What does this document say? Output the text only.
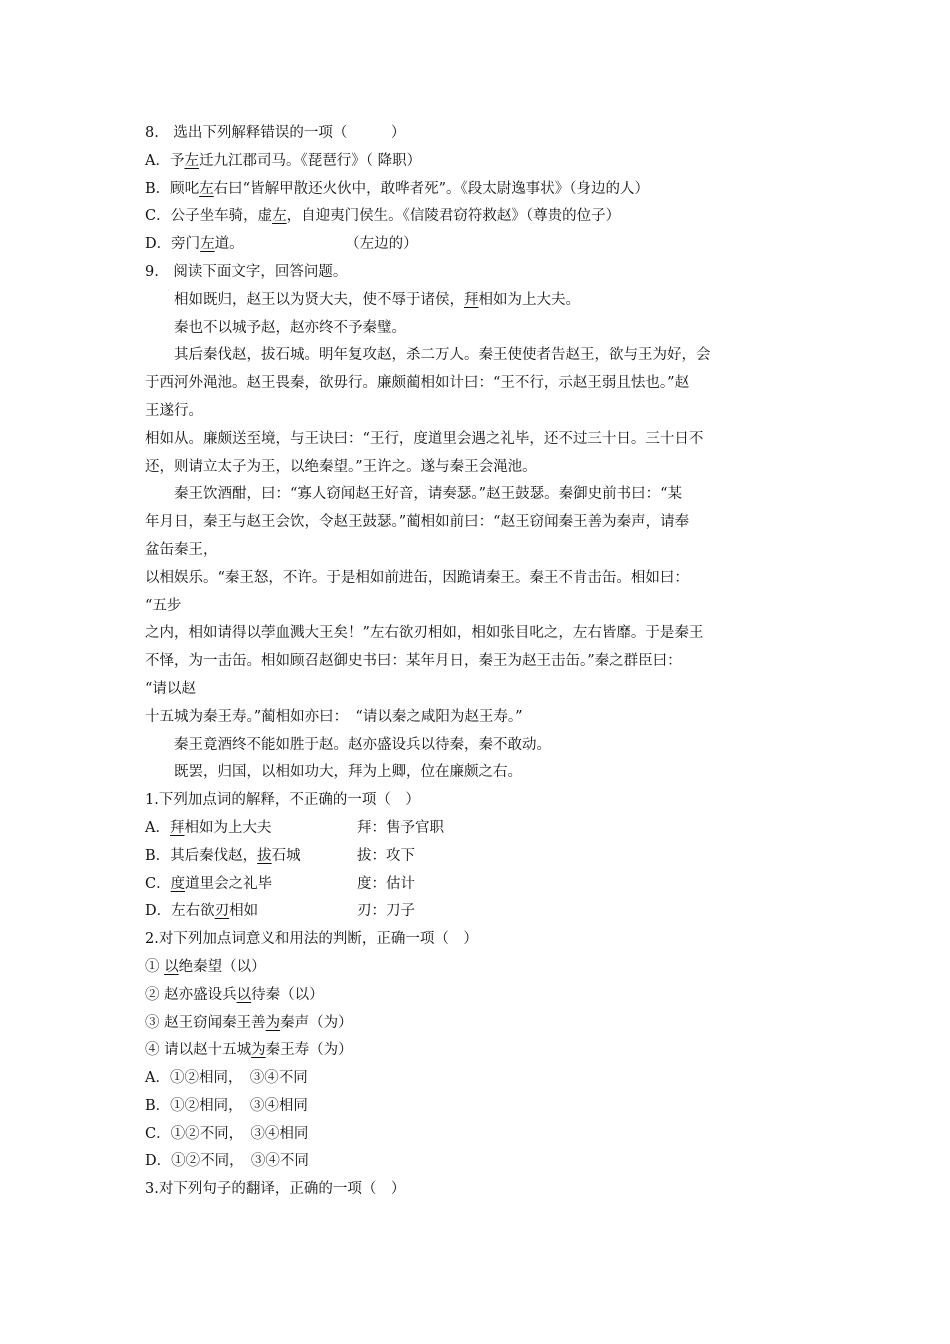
8.　选出下列解释错误的一项（　　　）
A．予左迁九江郡司马。《琵琶行》（ 降职）
B．顾叱左右曰“皆解甲散还火伙中，敢哗者死”。《段太尉逸事状》（身边的人）
C．公子坐车骑，虚左，自迎夷门侯生。《信陵君窃符救赵》（尊贵的位子）
D．旁门左道。　　　　　　　　（左边的）
9.　阅读下面文字，回答问题。
相如既归，赵王以为贤大夫，使不辱于诸侯，拜相如为上大夫。
秦也不以城予赵，赵亦终不予秦璧。
其后秦伐赵，拔石城。明年复攻赵，杀二万人。秦王使使者告赵王，欲与王为好，会
于西河外渑池。赵王畏秦，欲毋行。廉颇蔺相如计曰：“王不行，示赵王弱且怯也。”赵
王遂行。
相如从。廉颇送至境，与王诀曰：“王行，度道里会遇之礼毕，还不过三十日。三十日不
还，则请立太子为王，以绝秦望。”王许之。遂与秦王会渑池。
秦王饮酒酣，曰：“寡人窃闻赵王好音，请奏瑟。”赵王鼓瑟。秦御史前书曰：“某
年月日，秦王与赵王会饮，令赵王鼓瑟。”蔺相如前曰：“赵王窃闻秦王善为秦声，请奉
盆缶秦王，
以相娱乐。“秦王怒，不许。于是相如前进缶，因跪请秦王。秦王不肯击缶。相如曰：
“五步
之内，相如请得以荸血溅大王矣！”左右欲刃相如，相如张目叱之，左右皆靡。于是秦王
不怿，为一击缶。相如顾召赵御史书曰：某年月日，秦王为赵王击缶。”秦之群臣曰：
“请以赵
十五城为秦王寿。”蔺相如亦曰：　“请以秦之咸阳为赵王寿。”
秦王竟酒终不能如胜于赵。赵亦盛设兵以待秦，秦不敢动。
既罢，归国，以相如功大，拜为上卿，位在廉颇之右。
1.下列加点词的解释，不正确的一项（　）
A．拜相如为上大夫	拜：售予官职
B．其后秦伐赵，拔石城	拔：攻下
C．度道里会之礼毕	度：估计
D．左右欲刃相如	刃：刀子
2.对下列加点词意义和用法的判断，正确一项（　）
① 以绝秦望（以）
② 赵亦盛设兵以待秦（以）
③ 赵王窃闻秦王善为秦声（为）
④ 请以赵十五城为秦王寿（为）
A．①②相同，　③④不同
B．①②相同，　③④相同
C．①②不同，　③④相同
D．①②不同，　③④不同
3.对下列句子的翻译，正确的一项（　）
